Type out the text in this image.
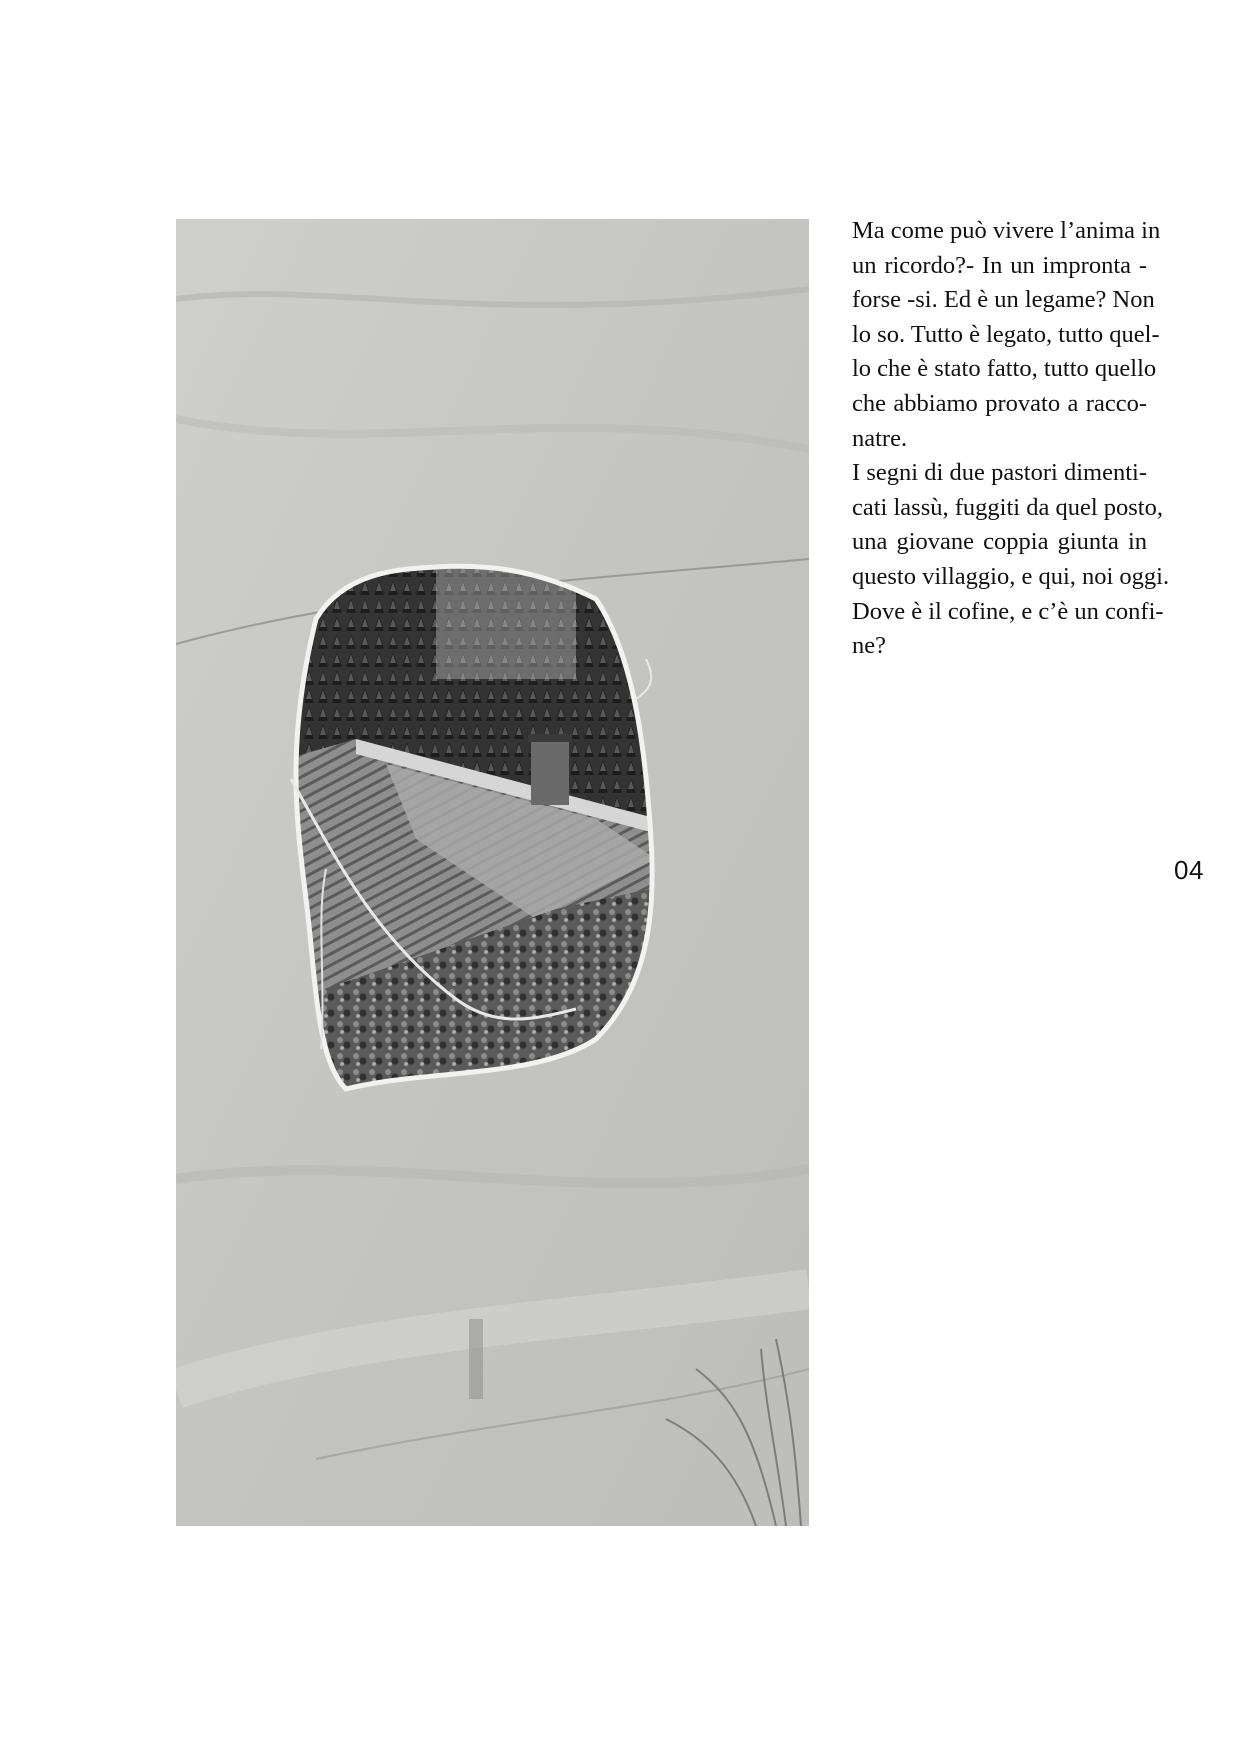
Ma come può vivere l’anima in
un ricordo?- In un impronta -
forse -si. Ed è un legame? Non
lo so. Tutto è legato, tutto quel-
lo che è stato fatto, tutto quello
che abbiamo provato a racco-
natre.
I segni di due pastori dimenti-
cati lassù, fuggiti da quel posto,
una giovane coppia giunta in
questo villaggio, e qui, noi oggi.
Dove è il cofine, e c’è un confi-
ne?
04
